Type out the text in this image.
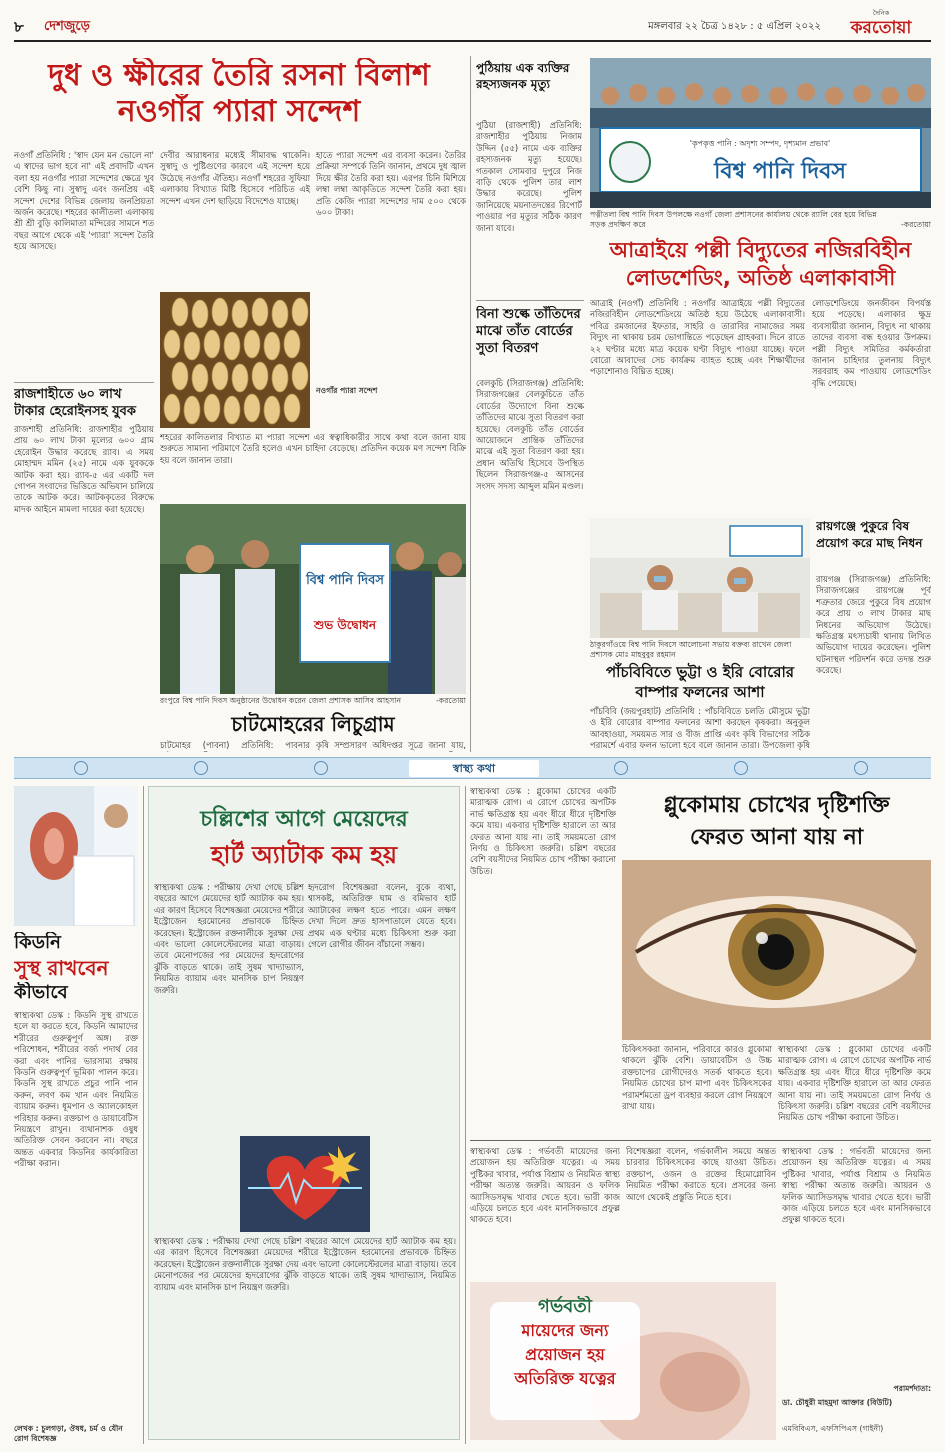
৮ দেশজুড়ে	মঙ্গলবার ২২ চৈত্র ১৪২৮ : ৫ এপ্রিল ২০২২
দৈনিক
করতোয়া
দুধ ও ক্ষীরের তৈরি রসনা বিলাশ
নওগাঁর প্যারা সন্দেশ
নওগাঁ প্রতিনিধি : 'স্বাদ যেন মন ভোলে না' এ স্বাদের ভাগ হবে না' এই প্রবাদটি এখন বলা হয় নওগাঁর প্যারা সন্দেশের ক্ষেত্রে খুব বেশি কিছু না। সুস্বাদু এবং জনপ্রিয় এই সন্দেশ দেশের বিভিন্ন জেলায় জনপ্রিয়তা অর্জন করেছে। শহরের কালীতলা এলাকায় শ্রী শ্রী বুড়ি কালিমাতা মন্দিরের সামনে শত বছর আগে থেকে এই 'প্যারা' সন্দেশ তৈরি হয়ে আসছে।
দেবীর আরাধনার মধ্যেই সীমাবদ্ধ থাকেনি। সুস্বাদু ও পুষ্টিগুণের কারণে এই সন্দেশ হয়ে উঠেছে নওগাঁর ঐতিহ্য। নওগাঁ শহরের সুফিয়া এলাকায় বিখ্যাত মিষ্টি হিসেবে পরিচিত এই সন্দেশ এখন দেশ ছাড়িয়ে বিদেশেও যাচ্ছে।
হাতে প্যারা সন্দেশ এর ব্যবসা করেন। তৈরির প্রক্রিয়া সম্পর্কে তিনি জানান, প্রথমে দুধ জ্বাল দিয়ে ক্ষীর তৈরি করা হয়। এরপর চিনি মিশিয়ে লম্বা লম্বা আকৃতিতে সন্দেশ তৈরি করা হয়। প্রতি কেজি প্যারা সন্দেশের দাম ৫০০ থেকে ৬০০ টাকা।
শহরের কালিতলার বিখ্যাত মা প্যারা সন্দেশ এর স্বত্বাধিকারীর সাথে কথা বলে জানা যায় শুরুতে সামান্য পরিমাণে তৈরি হলেও এখন চাহিদা বেড়েছে। প্রতিদিন কয়েক মণ সন্দেশ বিক্রি হয় বলে জানান তারা।
নওগাঁর প্যারা সন্দেশ
রাজশাহীতে ৬০ লাখ টাকার হেরোইনসহ যুবক
রাজশাহী প্রতিনিধি: রাজশাহীর পুঠিয়ায় প্রায় ৬০ লাখ টাকা মূল্যের ৬০০ গ্রাম হেরোইন উদ্ধার করেছে র‍্যাব। এ সময় মোহাম্মদ মমিন (২৫) নামে এক যুবককে আটক করা হয়। র‍্যাব-৫ এর একটি দল গোপন সংবাদের ভিত্তিতে অভিযান চালিয়ে তাকে আটক করে। আটককৃতের বিরুদ্ধে মাদক আইনে মামলা দায়ের করা হয়েছে।
বিশ্ব পানি দিবস
শুভ উদ্বোধন
রংপুরে বিশ্ব পানি দিবস অনুষ্ঠানের উদ্বোধন করেন জেলা প্রশাসক আসিব আহসান	-করতোয়া
চাটমোহরের লিচুগ্রাম
পুঠিয়ায় এক ব্যক্তির রহস্যজনক মৃত্যু
পুঠিয়া (রাজশাহী) প্রতিনিধি: রাজশাহীর পুঠিয়ায় নিজাম উদ্দিন (৫৫) নামে এক ব্যক্তির রহস্যজনক মৃত্যু হয়েছে। গতকাল সোমবার দুপুরে নিজ বাড়ি থেকে পুলিশ তার লাশ উদ্ধার করেছে। পুলিশ জানিয়েছে ময়নাতদন্তের রিপোর্ট পাওয়ার পর মৃত্যুর সঠিক কারণ জানা যাবে।
'কৃপকৃত্ত পানি : অদৃশ্য সম্পদ, দৃশ্যমান প্রভাব'
বিশ্ব পানি দিবস
পত্নীতলা বিশ্ব পানি দিবস উপলক্ষে নওগাঁ জেলা প্রশাসনের কার্যালয় থেকে র‍্যালি বের হয়ে বিভিন্ন সড়ক প্রদক্ষিণ করে	-করতোয়া
আত্রাইয়ে পল্লী বিদ্যুতের নজিরবিহীন
লোডশেডিং, অতিষ্ঠ এলাকাবাসী
আত্রাই (নওগাঁ) প্রতিনিধি : নওগাঁর আত্রাইয়ে পল্লী বিদ্যুতের নজিরবিহীন লোডশেডিংয়ে অতিষ্ঠ হয়ে উঠেছে এলাকাবাসী। পবিত্র রমজানের ইফতার, সাহরি ও তারাবির নামাজের সময় বিদ্যুৎ না থাকায় চরম ভোগান্তিতে পড়েছেন গ্রাহকরা। দিনে রাতে ২২ ঘণ্টার মধ্যে মাত্র কয়েক ঘণ্টা বিদ্যুৎ পাওয়া যাচ্ছে। ফলে বোরো আবাদের সেচ কার্যক্রম ব্যাহত হচ্ছে এবং শিক্ষার্থীদের পড়াশোনাও বিঘ্নিত হচ্ছে।
লোডশেডিংয়ে জনজীবন বিপর্যস্ত হয়ে পড়েছে। এলাকার ক্ষুদ্র ব্যবসায়ীরা জানান, বিদ্যুৎ না থাকায় তাদের ব্যবসা বন্ধ হওয়ার উপক্রম। পল্লী বিদ্যুৎ সমিতির কর্মকর্তারা জানান চাহিদার তুলনায় বিদ্যুৎ সরবরাহ কম পাওয়ায় লোডশেডিং বৃদ্ধি পেয়েছে।
বিনা শুল্কে তাঁতিদের মাঝে তাঁত বোর্ডের সুতা বিতরণ
বেলকুচি (সিরাজগঞ্জ) প্রতিনিধি: সিরাজগঞ্জের বেলকুচিতে তাঁত বোর্ডের উদ্যোগে বিনা শুল্কে তাঁতিদের মাঝে সুতা বিতরণ করা হয়েছে। বেলকুচি তাঁত বোর্ডের আয়োজনে প্রান্তিক তাঁতিদের মাঝে এই সুতা বিতরণ করা হয়। প্রধান অতিথি হিসেবে উপস্থিত ছিলেন সিরাজগঞ্জ-৫ আসনের সংসদ সদস্য আব্দুল মমিন মণ্ডল।
ঠাকুরগাঁওয়ে বিশ্ব পানি দিবসে আলোচনা সভায় বক্তব্য রাখেন জেলা প্রশাসক মোঃ মাহবুবুর রহমান
রায়গঞ্জে পুকুরে বিষ প্রয়োগ করে মাছ নিধন
রায়গঞ্জ (সিরাজগঞ্জ) প্রতিনিধি: সিরাজগঞ্জের রায়গঞ্জে পূর্ব শত্রুতার জেরে পুকুরে বিষ প্রয়োগ করে প্রায় ৩ লাখ টাকার মাছ নিধনের অভিযোগ উঠেছে। ক্ষতিগ্রস্ত মৎস্যচাষী থানায় লিখিত অভিযোগ দায়ের করেছেন। পুলিশ ঘটনাস্থল পরিদর্শন করে তদন্ত শুরু করেছে।
পাঁচবিবিতে ভুট্টা ও ইরি বোরোর
বাম্পার ফলনের আশা
পাঁচবিবি (জয়পুরহাট) প্রতিনিধি : পাঁচবিবিতে চলতি মৌসুমে ভুট্টা ও ইরি বোরোর বাম্পার ফলনের আশা করছেন কৃষকরা। অনুকূল আবহাওয়া, সময়মত সার ও বীজ প্রাপ্তি এবং কৃষি বিভাগের সঠিক পরামর্শে এবার ফলন ভালো হবে বলে জানান তারা। উপজেলা কৃষি
চাটমোহর (পাবনা) প্রতিনিধি: পাবনার কৃষি সম্প্রসারণ অধিদপ্তর সূত্রে জানা যায়,
স্বাস্থ্য কথা
কিডনি
সুস্থ রাখবেন
কীভাবে
স্বাস্থ্যকথা ডেস্ক : কিডনি সুস্থ রাখতে হলে যা করতে হবে, কিডনি আমাদের শরীরের গুরুত্বপূর্ণ অঙ্গ। রক্ত পরিশোধন, শরীরের বর্জ্য পদার্থ বের করা এবং পানির ভারসাম্য রক্ষায় কিডনি গুরুত্বপূর্ণ ভূমিকা পালন করে। কিডনি সুস্থ রাখতে প্রচুর পানি পান করুন, লবণ কম খান এবং নিয়মিত ব্যায়াম করুন। ধূমপান ও অ্যালকোহল পরিহার করুন। রক্তচাপ ও ডায়াবেটিস নিয়ন্ত্রণে রাখুন। ব্যথানাশক ওষুধ অতিরিক্ত সেবন করবেন না। বছরে অন্তত একবার কিডনির কার্যকারিতা পরীক্ষা করান।
লেখক : চুলগড়া, ঔষধ, চর্ম ও যৌন রোগ বিশেষজ্ঞ
চল্লিশের আগে মেয়েদের
হার্ট অ্যাটাক কম হয়
স্বাস্থ্যকথা ডেস্ক : পরীক্ষায় দেখা গেছে চল্লিশ বছরের আগে মেয়েদের হার্ট অ্যাটাক কম হয়। এর কারণ হিসেবে বিশেষজ্ঞরা মেয়েদের শরীরে ইস্ট্রোজেন হরমোনের প্রভাবকে চিহ্নিত করেছেন। ইস্ট্রোজেন রক্তনালীকে সুরক্ষা দেয় এবং ভালো কোলেস্টেরলের মাত্রা বাড়ায়। তবে মেনোপজের পর মেয়েদের হৃদরোগের ঝুঁকি বাড়তে থাকে। তাই সুষম খাদ্যাভ্যাস, নিয়মিত ব্যায়াম এবং মানসিক চাপ নিয়ন্ত্রণ জরুরি।
হৃদরোগ বিশেষজ্ঞরা বলেন, বুকে ব্যথা, শ্বাসকষ্ট, অতিরিক্ত ঘাম ও বমিভাব হার্ট অ্যাটাকের লক্ষণ হতে পারে। এমন লক্ষণ দেখা দিলে দ্রুত হাসপাতালে যেতে হবে। প্রথম এক ঘণ্টার মধ্যে চিকিৎসা শুরু করা গেলে রোগীর জীবন বাঁচানো সম্ভব।
স্বাস্থ্যকথা ডেস্ক : পরীক্ষায় দেখা গেছে চল্লিশ বছরের আগে মেয়েদের হার্ট অ্যাটাক কম হয়। এর কারণ হিসেবে বিশেষজ্ঞরা মেয়েদের শরীরে ইস্ট্রোজেন হরমোনের প্রভাবকে চিহ্নিত করেছেন। ইস্ট্রোজেন রক্তনালীকে সুরক্ষা দেয় এবং ভালো কোলেস্টেরলের মাত্রা বাড়ায়। তবে মেনোপজের পর মেয়েদের হৃদরোগের ঝুঁকি বাড়তে থাকে। তাই সুষম খাদ্যাভ্যাস, নিয়মিত ব্যায়াম এবং মানসিক চাপ নিয়ন্ত্রণ জরুরি।
স্বাস্থ্যকথা ডেস্ক : গ্লুকোমা চোখের একটি মারাত্মক রোগ। এ রোগে চোখের অপটিক নার্ভ ক্ষতিগ্রস্ত হয় এবং ধীরে ধীরে দৃষ্টিশক্তি কমে যায়। একবার দৃষ্টিশক্তি হারালে তা আর ফেরত আনা যায় না। তাই সময়মতো রোগ নির্ণয় ও চিকিৎসা জরুরি। চল্লিশ বছরের বেশি বয়সীদের নিয়মিত চোখ পরীক্ষা করানো উচিত।
গ্লুকোমায় চোখের দৃষ্টিশক্তি
ফেরত আনা যায় না
চিকিৎসকরা জানান, পরিবারে কারও গ্লুকোমা থাকলে ঝুঁকি বেশি। ডায়াবেটিস ও উচ্চ রক্তচাপের রোগীদেরও সতর্ক থাকতে হবে। নিয়মিত চোখের চাপ মাপা এবং চিকিৎসকের পরামর্শমতো ড্রপ ব্যবহার করলে রোগ নিয়ন্ত্রণে রাখা যায়।
স্বাস্থ্যকথা ডেস্ক : গ্লুকোমা চোখের একটি মারাত্মক রোগ। এ রোগে চোখের অপটিক নার্ভ ক্ষতিগ্রস্ত হয় এবং ধীরে ধীরে দৃষ্টিশক্তি কমে যায়। একবার দৃষ্টিশক্তি হারালে তা আর ফেরত আনা যায় না। তাই সময়মতো রোগ নির্ণয় ও চিকিৎসা জরুরি। চল্লিশ বছরের বেশি বয়সীদের নিয়মিত চোখ পরীক্ষা করানো উচিত।
স্বাস্থ্যকথা ডেস্ক : গর্ভবতী মায়েদের জন্য প্রয়োজন হয় অতিরিক্ত যত্নের। এ সময় পুষ্টিকর খাবার, পর্যাপ্ত বিশ্রাম ও নিয়মিত স্বাস্থ্য পরীক্ষা অত্যন্ত জরুরি। আয়রন ও ফলিক অ্যাসিডসমৃদ্ধ খাবার খেতে হবে। ভারী কাজ এড়িয়ে চলতে হবে এবং মানসিকভাবে প্রফুল্ল থাকতে হবে।
বিশেষজ্ঞরা বলেন, গর্ভকালীন সময়ে অন্তত চারবার চিকিৎসকের কাছে যাওয়া উচিত। রক্তচাপ, ওজন ও রক্তের হিমোগ্লোবিন নিয়মিত পরীক্ষা করাতে হবে। প্রসবের জন্য আগে থেকেই প্রস্তুতি নিতে হবে।
স্বাস্থ্যকথা ডেস্ক : গর্ভবতী মায়েদের জন্য প্রয়োজন হয় অতিরিক্ত যত্নের। এ সময় পুষ্টিকর খাবার, পর্যাপ্ত বিশ্রাম ও নিয়মিত স্বাস্থ্য পরীক্ষা অত্যন্ত জরুরি। আয়রন ও ফলিক অ্যাসিডসমৃদ্ধ খাবার খেতে হবে। ভারী কাজ এড়িয়ে চলতে হবে এবং মানসিকভাবে প্রফুল্ল থাকতে হবে।
গর্ভবতী
মায়েদের জন্য
প্রয়োজন হয়
অতিরিক্ত যত্নের
পরামর্শদাতা:
ডা. চৌধুরী মাহমুদা আক্তার (বিউটি)
এমবিবিএস, এফসিপিএস (গাইনী)
